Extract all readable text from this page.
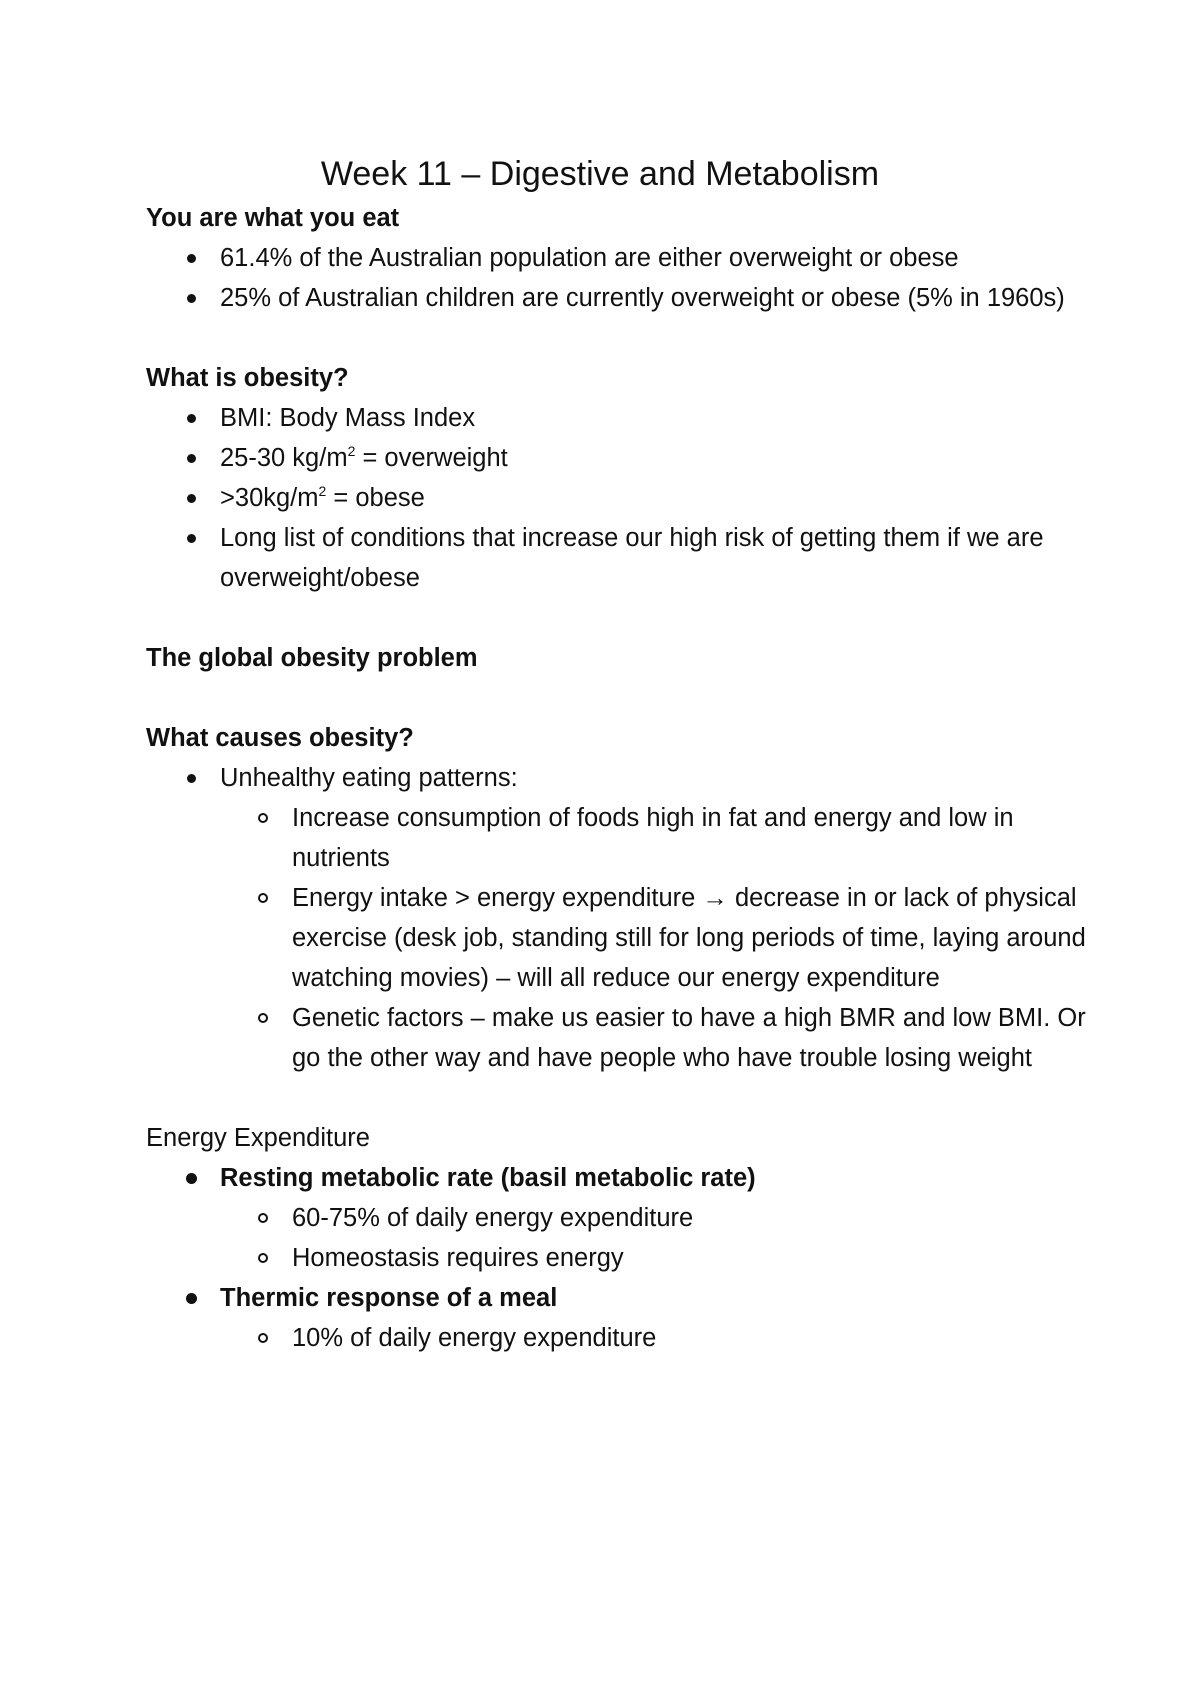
Week 11 – Digestive and Metabolism
You are what you eat
61.4% of the Australian population are either overweight or obese
25% of Australian children are currently overweight or obese (5% in 1960s)
What is obesity?
BMI: Body Mass Index
25-30 $kg/m^2$ = overweight
$>30kg/m^2$ = obese
Long list of conditions that increase our high risk of getting them if we are overweight/obese
The global obesity problem
What causes obesity?
Unhealthy eating patterns:
Increase consumption of foods high in fat and energy and low in nutrients
Energy intake > energy expenditure → decrease in or lack of physical exercise (desk job, standing still for long periods of time, laying around watching movies) – will all reduce our energy expenditure
Genetic factors – make us easier to have a high BMR and low BMI. Or go the other way and have people who have trouble losing weight
Energy Expenditure
Resting metabolic rate (basil metabolic rate)
60-75% of daily energy expenditure
Homeostasis requires energy
Thermic response of a meal
10% of daily energy expenditure
